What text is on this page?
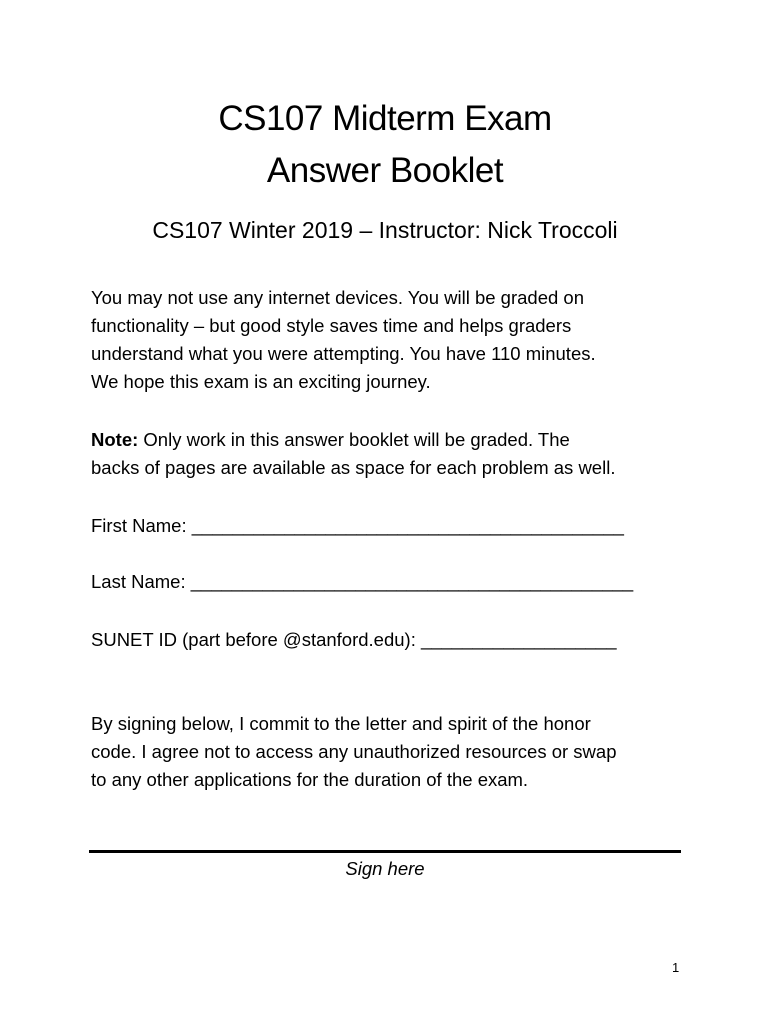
CS107 Midterm Exam
Answer Booklet
CS107 Winter 2019 – Instructor: Nick Troccoli
You may not use any internet devices. You will be graded on
functionality – but good style saves time and helps graders
understand what you were attempting. You have 110 minutes.
We hope this exam is an exciting journey.
Note: Only work in this answer booklet will be graded. The
backs of pages are available as space for each problem as well.
First Name: __________________________________________
Last Name: ___________________________________________
SUNET ID (part before @stanford.edu): ___________________
By signing below, I commit to the letter and spirit of the honor
code. I agree not to access any unauthorized resources or swap
to any other applications for the duration of the exam.
Sign here
1
